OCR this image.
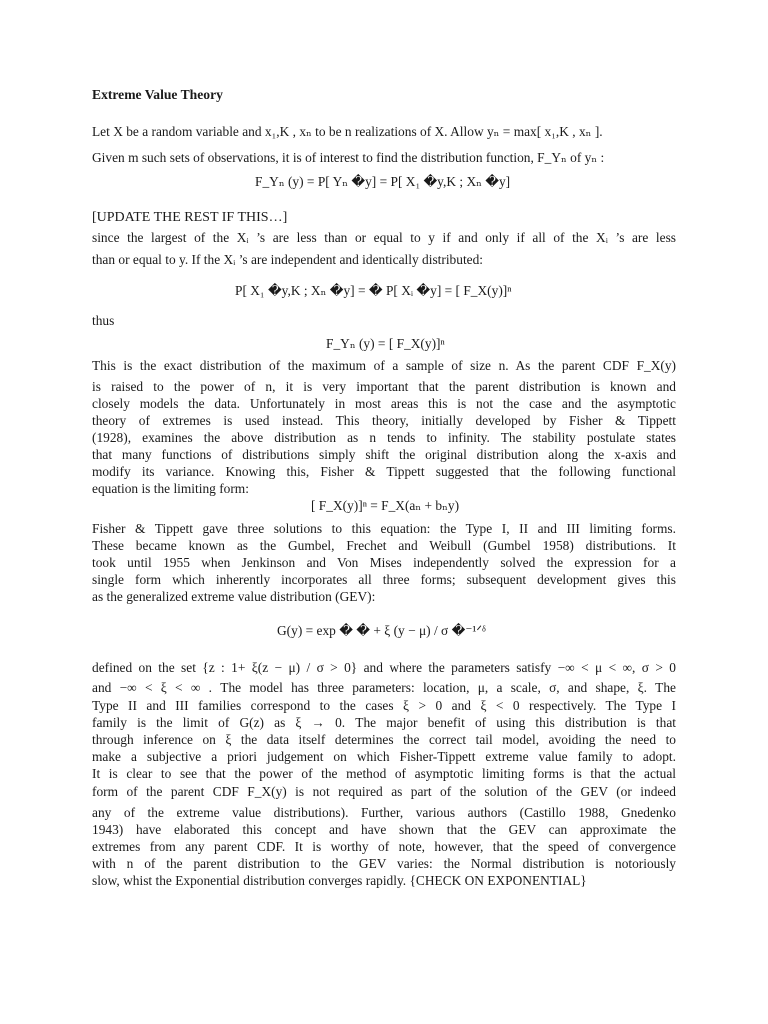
Extreme Value Theory
Let X be a random variable and x₁,K , xₙ to be n realizations of X. Allow yₙ = max[ x₁,K , xₙ ].
Given m such sets of observations, it is of interest to find the distribution function, F_Yₙ of yₙ :
F_Yₙ (y) = P[ Yₙ �y] = P[ X₁ �y,K ; Xₙ �y]
[UPDATE THE REST IF THIS…]
since the largest of the Xᵢ ’s are less than or equal to y if and only if all of the Xᵢ ’s are less
than or equal to y. If the Xᵢ ’s are independent and identically distributed:
P[ X₁ �y,K ; Xₙ �y] = � P[ Xᵢ �y] = [ F_X(y)]ⁿ
thus
F_Yₙ (y) = [ F_X(y)]ⁿ
This is the exact distribution of the maximum of a sample of size n. As the parent CDF F_X(y)
is raised to the power of n, it is very important that the parent distribution is known and
closely models the data. Unfortunately in most areas this is not the case and the asymptotic
theory of extremes is used instead. This theory, initially developed by Fisher & Tippett
(1928), examines the above distribution as n tends to infinity. The stability postulate states
that many functions of distributions simply shift the original distribution along the x-axis and
modify its variance. Knowing this, Fisher & Tippett suggested that the following functional
equation is the limiting form:
[ F_X(y)]ⁿ = F_X(aₙ + bₙy)
Fisher & Tippett gave three solutions to this equation: the Type I, II and III limiting forms.
These became known as the Gumbel, Frechet and Weibull (Gumbel 1958) distributions. It
took until 1955 when Jenkinson and Von Mises independently solved the expression for a
single form which inherently incorporates all three forms; subsequent development gives this
as the generalized extreme value distribution (GEV):
G(y) = exp � � + ξ (y − μ) / σ �⁻¹ᐟᵟ
defined on the set {z : 1+ ξ(z − μ) / σ > 0} and where the parameters satisfy −∞ < μ < ∞, σ > 0
and −∞ < ξ < ∞ . The model has three parameters: location, μ, a scale, σ, and shape, ξ. The
Type II and III families correspond to the cases ξ > 0 and ξ < 0 respectively. The Type I
family is the limit of G(z) as ξ → 0. The major benefit of using this distribution is that
through inference on ξ the data itself determines the correct tail model, avoiding the need to
make a subjective a priori judgement on which Fisher-Tippett extreme value family to adopt.
It is clear to see that the power of the method of asymptotic limiting forms is that the actual
form of the parent CDF F_X(y) is not required as part of the solution of the GEV (or indeed
any of the extreme value distributions). Further, various authors (Castillo 1988, Gnedenko
1943) have elaborated this concept and have shown that the GEV can approximate the
extremes from any parent CDF. It is worthy of note, however, that the speed of convergence
with n of the parent distribution to the GEV varies: the Normal distribution is notoriously
slow, whist the Exponential distribution converges rapidly. {CHECK ON EXPONENTIAL}
